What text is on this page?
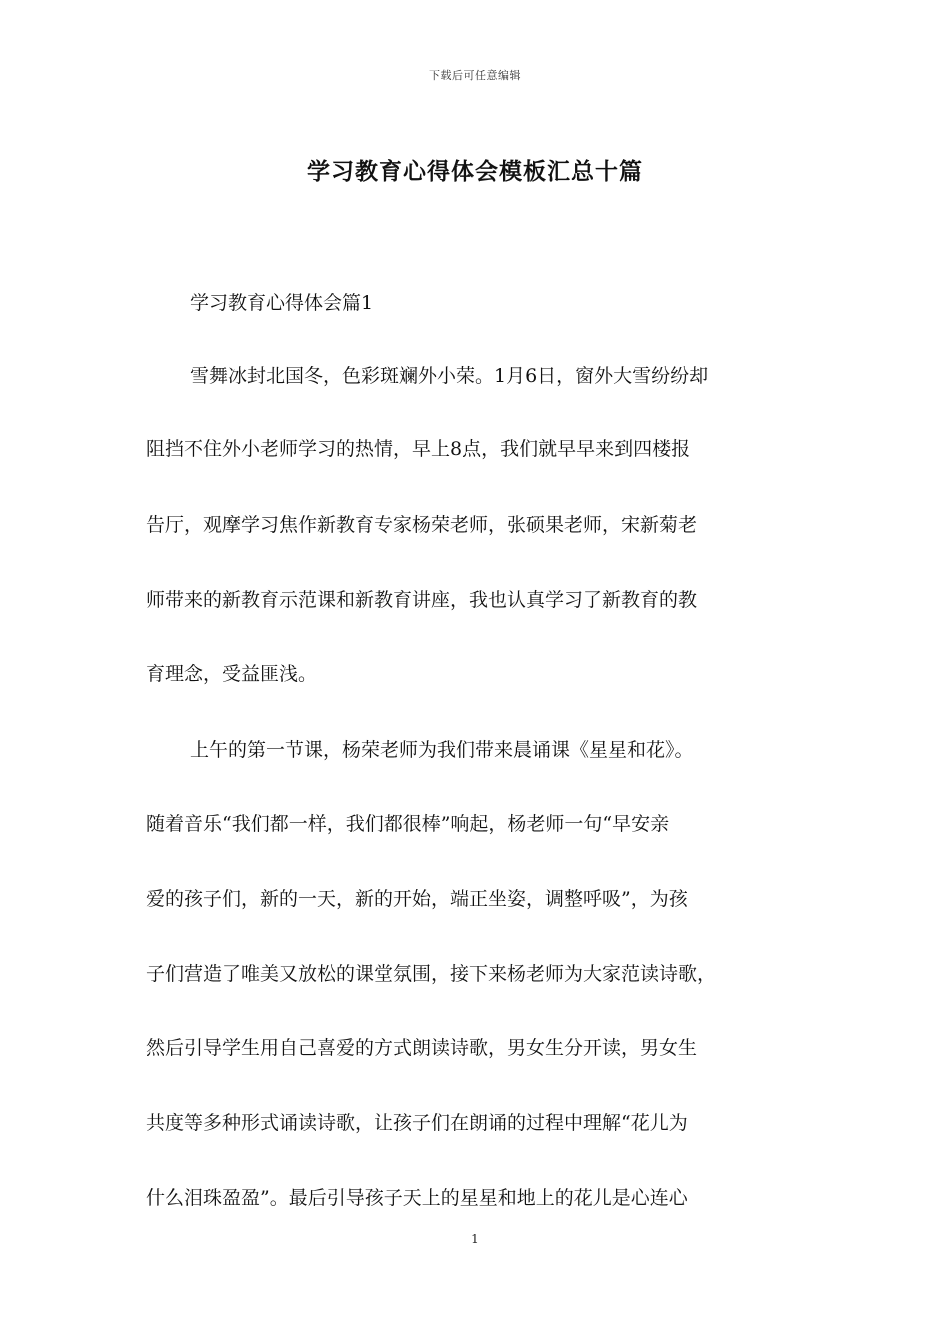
下载后可任意编辑
学习教育心得体会模板汇总十篇
学习教育心得体会篇1
雪舞冰封北国冬，色彩斑斓外小荣。1月6日，窗外大雪纷纷却
阻挡不住外小老师学习的热情，早上8点，我们就早早来到四楼报
告厅，观摩学习焦作新教育专家杨荣老师，张硕果老师，宋新菊老
师带来的新教育示范课和新教育讲座，我也认真学习了新教育的教
育理念，受益匪浅。
上午的第一节课，杨荣老师为我们带来晨诵课《星星和花》。
随着音乐“我们都一样，我们都很棒”响起，杨老师一句“早安亲
爱的孩子们，新的一天，新的开始，端正坐姿，调整呼吸”，为孩
子们营造了唯美又放松的课堂氛围，接下来杨老师为大家范读诗歌，
然后引导学生用自己喜爱的方式朗读诗歌，男女生分开读，男女生
共度等多种形式诵读诗歌，让孩子们在朗诵的过程中理解“花儿为
什么泪珠盈盈”。最后引导孩子天上的星星和地上的花儿是心连心
1
